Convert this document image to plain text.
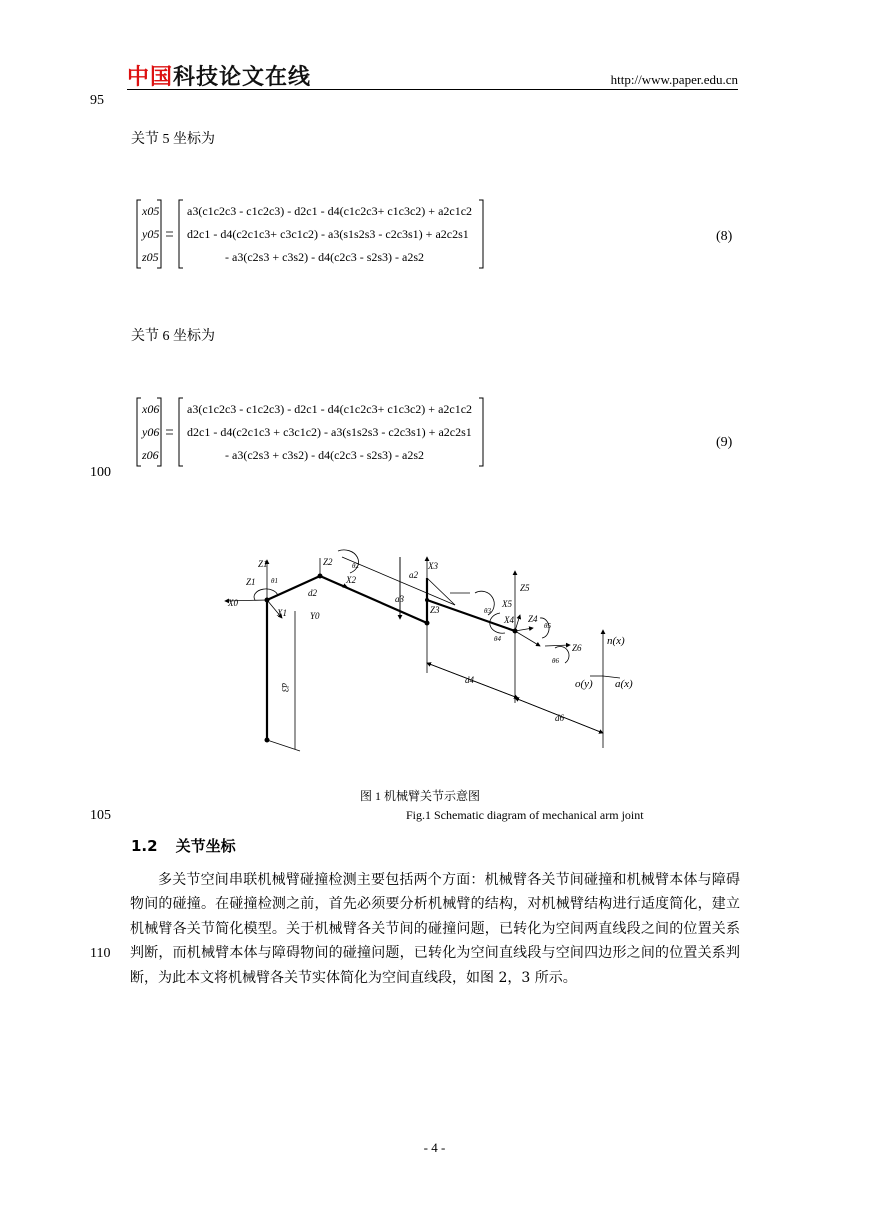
中国科技论文在线	http://www.paper.edu.cn
95
100
105
110
关节 5 坐标为
x05
y05
z05
a3(c1c2c3 - c1c2c3) - d2c1 - d4(c1c2c3+ c1c3c2) + a2c1c2
d2c1 - d4(c2c1c3+ c3c1c2) - a3(s1s2s3 - c2c3s1) + a2c2s1
- a3(c2s3 + c3s2) - d4(c2c3 - s2s3) - a2s2
(8)
关节 6 坐标为
x06
y06
z06
a3(c1c2c3 - c1c2c3) - d2c1 - d4(c1c2c3+ c1c3c2) + a2c1c2
d2c1 - d4(c2c1c3 + c3c1c2) - a3(s1s2s3 - c2c3s1) + a2c2s1
- a3(c2s3 + c3s2) - d4(c2c3 - s2s3) - a2s2
(9)
Z1
Z1
X0
X1	Y0
Z2
X2
d2
d3
a2
a3
Z3
X3
X5
X4
Z5
Z4
Z6
d4
d6
n(x)
o(y) a(x)
θ1
θ2
θ3
θ4
θ5
θ6
图 1 机械臂关节示意图
Fig.1 Schematic diagram of mechanical arm joint
1.2 关节坐标
多关节空间串联机械臂碰撞检测主要包括两个方面：机械臂各关节间碰撞和机械臂本体与障碍物间的碰撞。在碰撞检测之前，首先必须要分析机械臂的结构，对机械臂结构进行适度简化，建立机械臂各关节简化模型。关于机械臂各关节间的碰撞问题，已转化为空间两直线段之间的位置关系判断，而机械臂本体与障碍物间的碰撞问题，已转化为空间直线段与空间四边形之间的位置关系判断，为此本文将机械臂各关节实体简化为空间直线段，如图 2，3 所示。
- 4 -
